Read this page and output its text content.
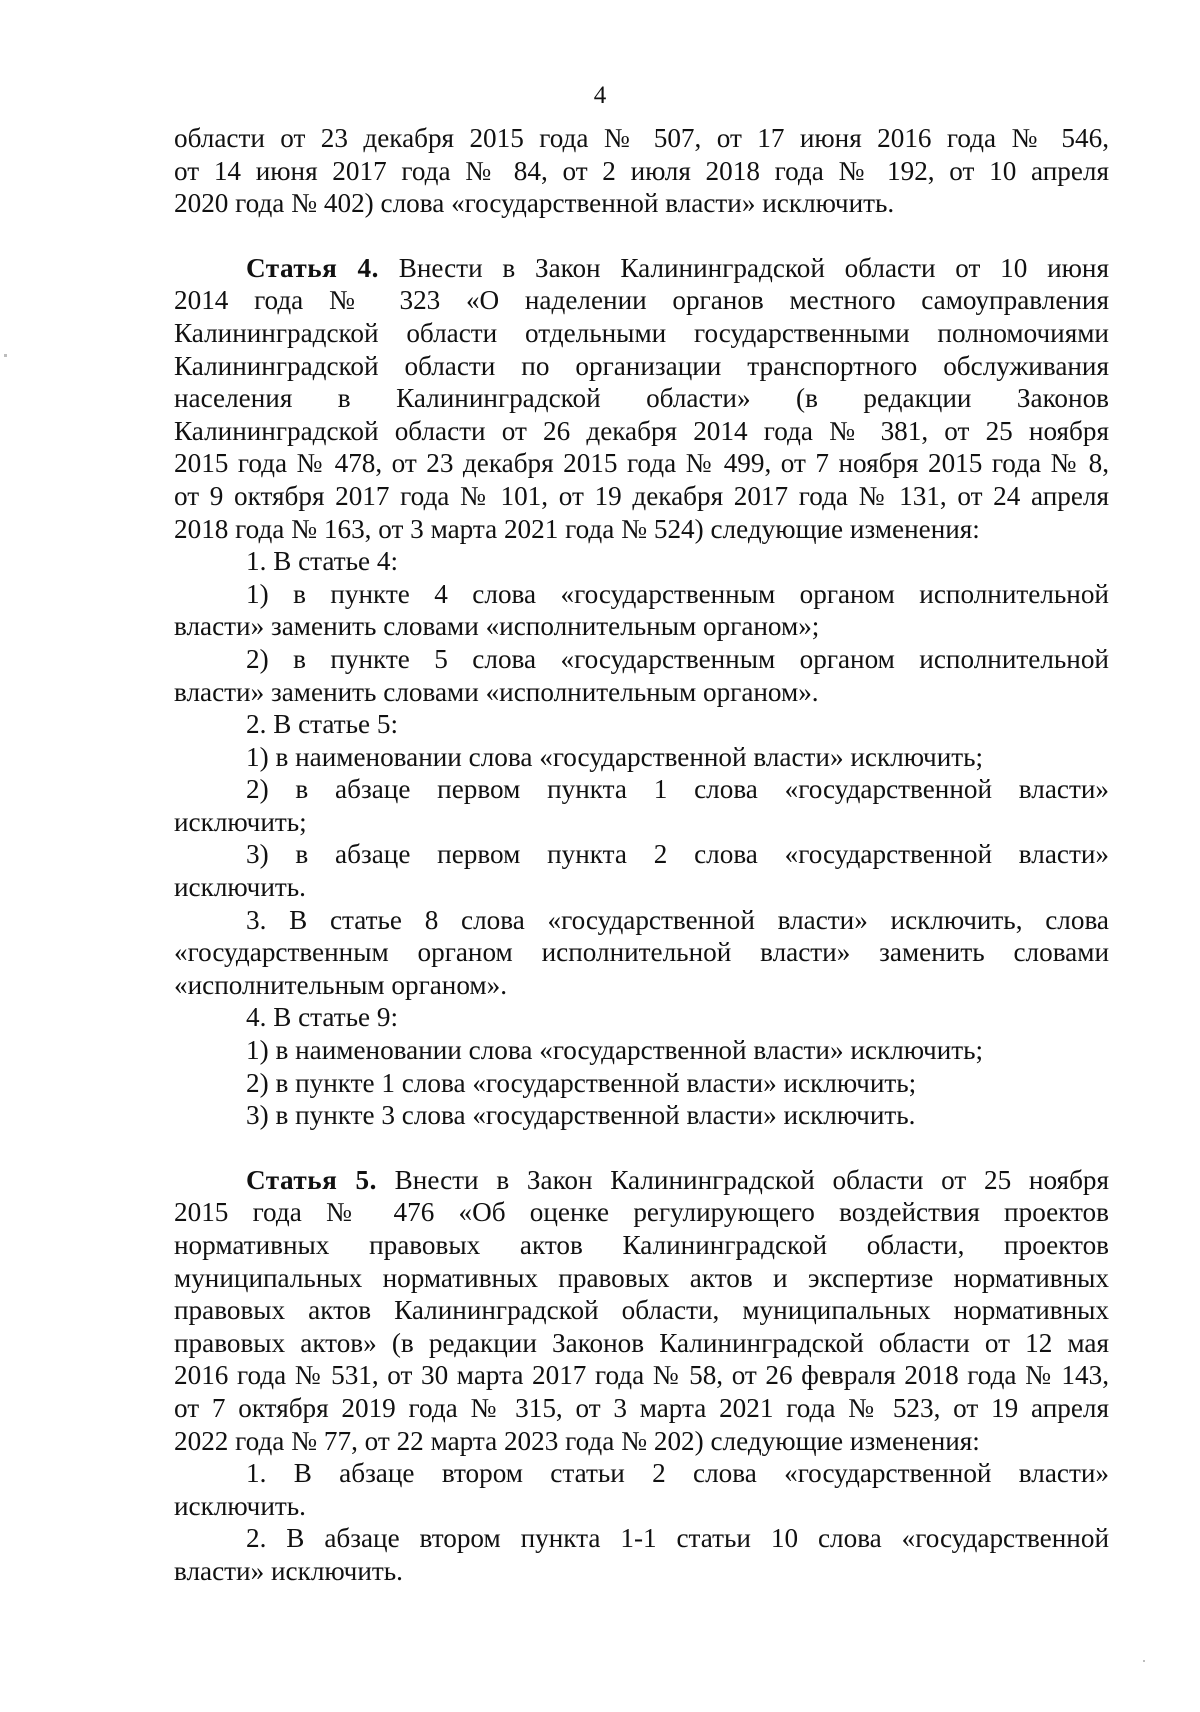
4
области от 23 декабря 2015 года № 507, от 17 июня 2016 года № 546,
от 14 июня 2017 года № 84, от 2 июля 2018 года № 192, от 10 апреля
2020 года № 402) слова «государственной власти» исключить.
Статья 4. Внести в Закон Калининградской области от 10 июня
2014 года № 323 «О наделении органов местного самоуправления
Калининградской области отдельными государственными полномочиями
Калининградской области по организации транспортного обслуживания
населения в Калининградской области» (в редакции Законов
Калининградской области от 26 декабря 2014 года № 381, от 25 ноября
2015 года № 478, от 23 декабря 2015 года № 499, от 7 ноября 2015 года № 8,
от 9 октября 2017 года № 101, от 19 декабря 2017 года № 131, от 24 апреля
2018 года № 163, от 3 марта 2021 года № 524) следующие изменения:
1. В статье 4:
1) в пункте 4 слова «государственным органом исполнительной
власти» заменить словами «исполнительным органом»;
2) в пункте 5 слова «государственным органом исполнительной
власти» заменить словами «исполнительным органом».
2. В статье 5:
1) в наименовании слова «государственной власти» исключить;
2) в абзаце первом пункта 1 слова «государственной власти»
исключить;
3) в абзаце первом пункта 2 слова «государственной власти»
исключить.
3. В статье 8 слова «государственной власти» исключить, слова
«государственным органом исполнительной власти» заменить словами
«исполнительным органом».
4. В статье 9:
1) в наименовании слова «государственной власти» исключить;
2) в пункте 1 слова «государственной власти» исключить;
3) в пункте 3 слова «государственной власти» исключить.
Статья 5. Внести в Закон Калининградской области от 25 ноября
2015 года № 476 «Об оценке регулирующего воздействия проектов
нормативных правовых актов Калининградской области, проектов
муниципальных нормативных правовых актов и экспертизе нормативных
правовых актов Калининградской области, муниципальных нормативных
правовых актов» (в редакции Законов Калининградской области от 12 мая
2016 года № 531, от 30 марта 2017 года № 58, от 26 февраля 2018 года № 143,
от 7 октября 2019 года № 315, от 3 марта 2021 года № 523, от 19 апреля
2022 года № 77, от 22 марта 2023 года № 202) следующие изменения:
1. В абзаце втором статьи 2 слова «государственной власти»
исключить.
2. В абзаце втором пункта 1-1 статьи 10 слова «государственной
власти» исключить.
